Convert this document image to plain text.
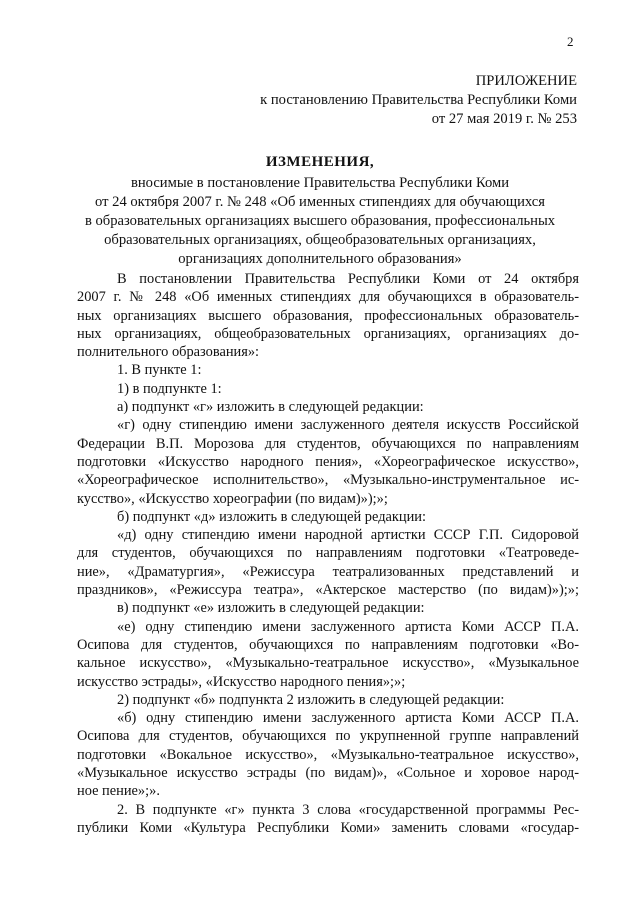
2
ПРИЛОЖЕНИЕ
к постановлению Правительства Республики Коми
от 27 мая 2019 г. № 253
ИЗМЕНЕНИЯ,
вносимые в постановление Правительства Республики Коми
от 24 октября 2007 г. № 248 «Об именных стипендиях для обучающихся
в образовательных организациях высшего образования, профессиональных
образовательных организациях, общеобразовательных организациях,
организациях дополнительного образования»
В постановлении Правительства Республики Коми от 24 октября
2007 г. № 248 «Об именных стипендиях для обучающихся в образователь-
ных организациях высшего образования, профессиональных образователь-
ных организациях, общеобразовательных организациях, организациях до-
полнительного образования»:
1. В пункте 1:
1) в подпункте 1:
а) подпункт «г» изложить в следующей редакции:
«г) одну стипендию имени заслуженного деятеля искусств Российской
Федерации В.П. Морозова для студентов, обучающихся по направлениям
подготовки «Искусство народного пения», «Хореографическое искусство»,
«Хореографическое исполнительство», «Музыкально-инструментальное ис-
кусство», «Искусство хореографии (по видам)»);»;
б) подпункт «д» изложить в следующей редакции:
«д) одну стипендию имени народной артистки СССР Г.П. Сидоровой
для студентов, обучающихся по направлениям подготовки «Театроведе-
ние», «Драматургия», «Режиссура театрализованных представлений и
праздников», «Режиссура театра», «Актерское мастерство (по видам)»);»;
в) подпункт «е» изложить в следующей редакции:
«е) одну стипендию имени заслуженного артиста Коми АССР П.А.
Осипова для студентов, обучающихся по направлениям подготовки «Во-
кальное искусство», «Музыкально-театральное искусство», «Музыкальное
искусство эстрады», «Искусство народного пения»;»;
2) подпункт «б» подпункта 2 изложить в следующей редакции:
«б) одну стипендию имени заслуженного артиста Коми АССР П.А.
Осипова для студентов, обучающихся по укрупненной группе направлений
подготовки «Вокальное искусство», «Музыкально-театральное искусство»,
«Музыкальное искусство эстрады (по видам)», «Сольное и хоровое народ-
ное пение»;».
2. В подпункте «г» пункта 3 слова «государственной программы Рес-
публики Коми «Культура Республики Коми» заменить словами «государ-
